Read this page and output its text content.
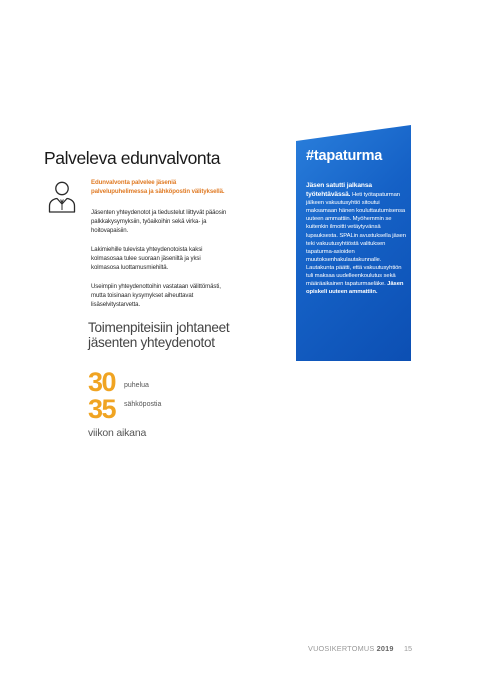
Palveleva edunvalvonta

Edunvalvonta palvelee jäseniä palvelupuhelimessa ja sähköpostin välityksellä.

Jäsenten yhteydenotot ja tiedustelut liittyvät pääosin palkkakysymyksiin, työaikoihin sekä virka- ja hoitovapaisiin.

Lakimiehille tulevista yhteydenotoista kaksi kolmasosaa tulee suoraan jäseniltä ja yksi kolmasosa luottamusmiehiltä.

Useimpiin yhteydenottoihin vastataan välittömästi, mutta toisinaan kysymykset aiheuttavat lisäselvitystarvetta.

Toimenpiteisiin johtaneet jäsenten yhteydenotot
30 puhelua
35 sähköpostia

viikon aikana

#tapaturma

Jäsen satutti jalkansa työtehtävässä. Heti työtapaturman jälkeen vakuutusyhtiö sitoutui maksamaan hänen kouluttautumisensa uuteen ammattiin. Myöhemmin se kuitenkin ilmoitti vetäytyvänsä lupauksesta. SPALin avustuksella jäsen teki vakuutusyhtiöstä valituksen tapaturma-asioiden muutoksenhakulautakunnalle. Lautakunta päätti, että vakuutusyhtiön tuli maksaa uudelleenkoulutus sekä määräaikainen tapaturmaeläke. Jäsen opiskeli uuteen ammattiin.

VUOSIKERTOMUS 2019 15
